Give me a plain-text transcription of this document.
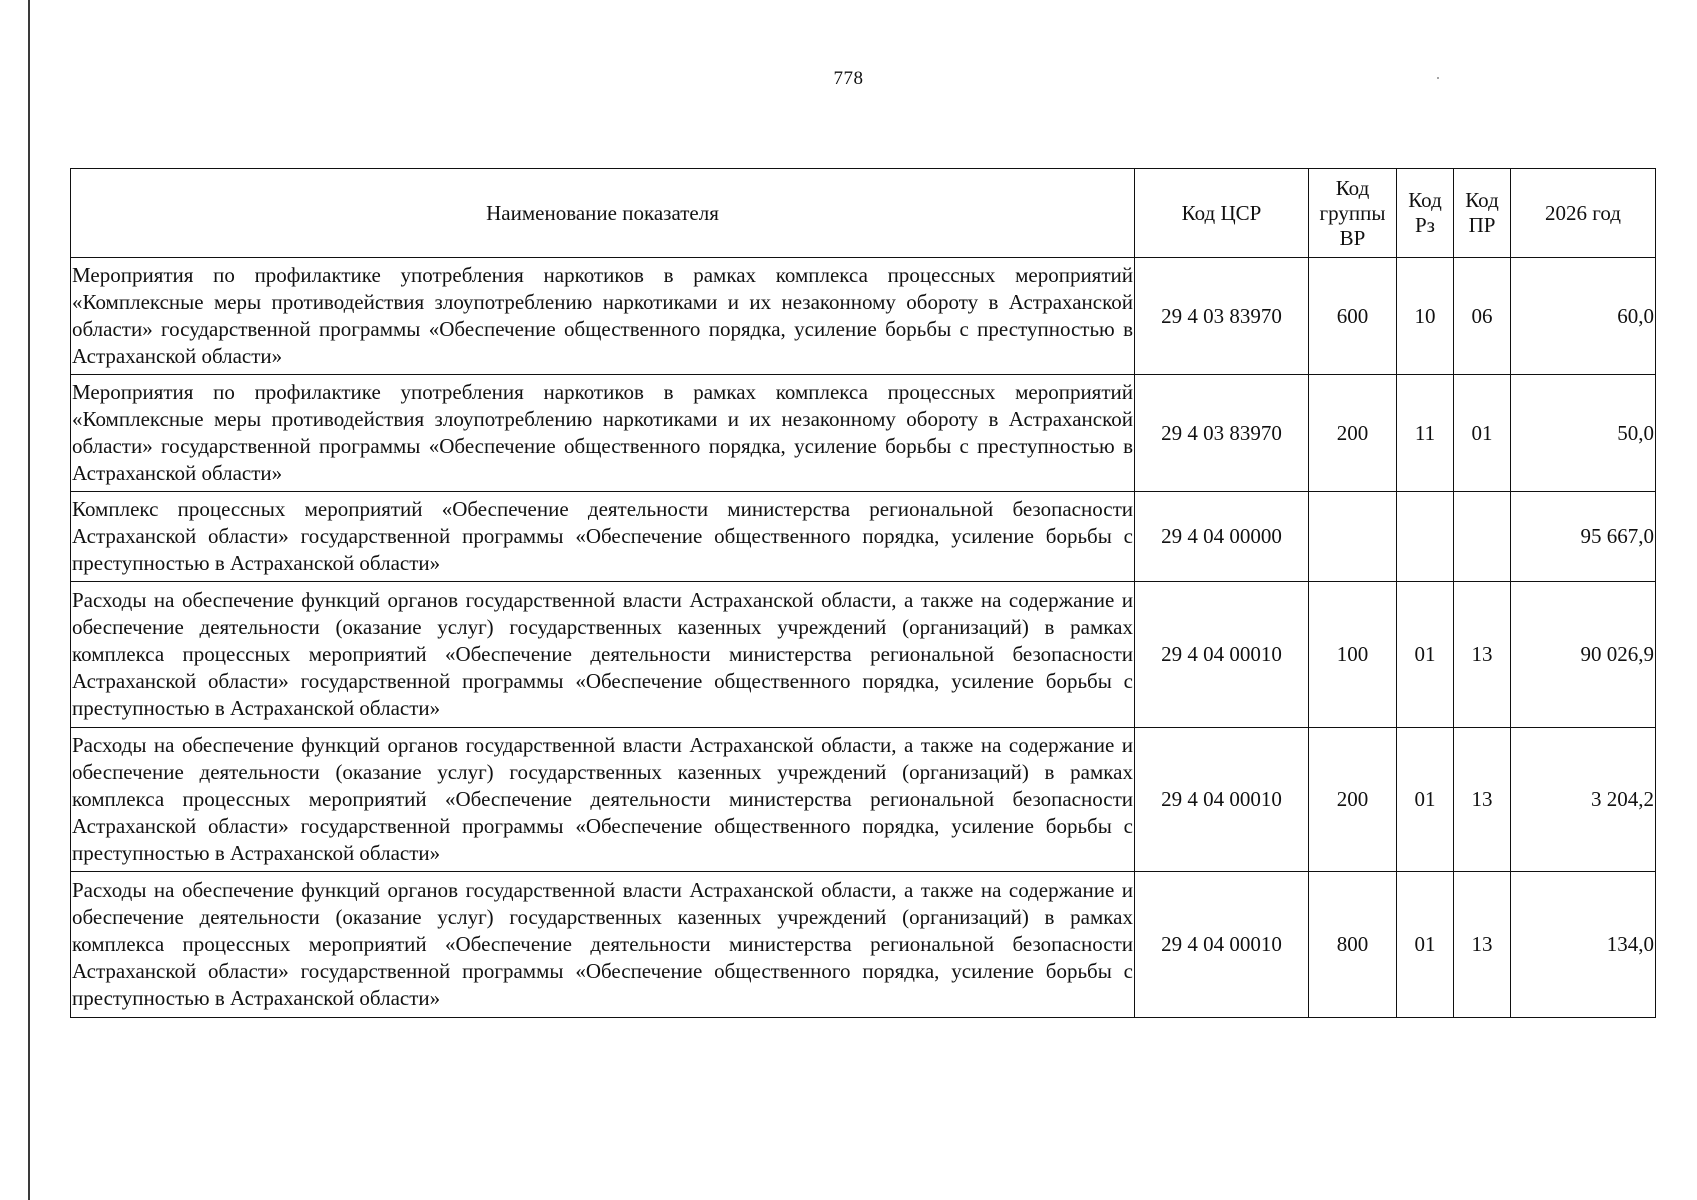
778
Наименование показателя	Код ЦСР	Код группы ВР	Код Рз	Код ПР	2026 год
Мероприятия по профилактике употребления наркотиков в рамках комплекса процессных мероприятий «Комплексные меры противодействия злоупотреблению наркотиками и их незаконному обороту в Астраханской области» государственной программы «Обеспечение общественного порядка, усиление борьбы с преступностью в Астраханской области»	29 4 03 83970	600	10	06	60,0
Мероприятия по профилактике употребления наркотиков в рамках комплекса процессных мероприятий «Комплексные меры противодействия злоупотреблению наркотиками и их незаконному обороту в Астраханской области» государственной программы «Обеспечение общественного порядка, усиление борьбы с преступностью в Астраханской области»	29 4 03 83970	200	11	01	50,0
Комплекс процессных мероприятий «Обеспечение деятельности министерства региональной безопасности Астраханской области» государственной программы «Обеспечение общественного порядка, усиление борьбы с преступностью в Астраханской области»	29 4 04 00000				95 667,0
Расходы на обеспечение функций органов государственной власти Астраханской области, а также на содержание и обеспечение деятельности (оказание услуг) государственных казенных учреждений (организаций) в рамках комплекса процессных мероприятий «Обеспечение деятельности министерства региональной безопасности Астраханской области» государственной программы «Обеспечение общественного порядка, усиление борьбы с преступностью в Астраханской области»	29 4 04 00010	100	01	13	90 026,9
Расходы на обеспечение функций органов государственной власти Астраханской области, а также на содержание и обеспечение деятельности (оказание услуг) государственных казенных учреждений (организаций) в рамках комплекса процессных мероприятий «Обеспечение деятельности министерства региональной безопасности Астраханской области» государственной программы «Обеспечение общественного порядка, усиление борьбы с преступностью в Астраханской области»	29 4 04 00010	200	01	13	3 204,2
Расходы на обеспечение функций органов государственной власти Астраханской области, а также на содержание и обеспечение деятельности (оказание услуг) государственных казенных учреждений (организаций) в рамках комплекса процессных мероприятий «Обеспечение деятельности министерства региональной безопасности Астраханской области» государственной программы «Обеспечение общественного порядка, усиление борьбы с преступностью в Астраханской области»	29 4 04 00010	800	01	13	134,0
